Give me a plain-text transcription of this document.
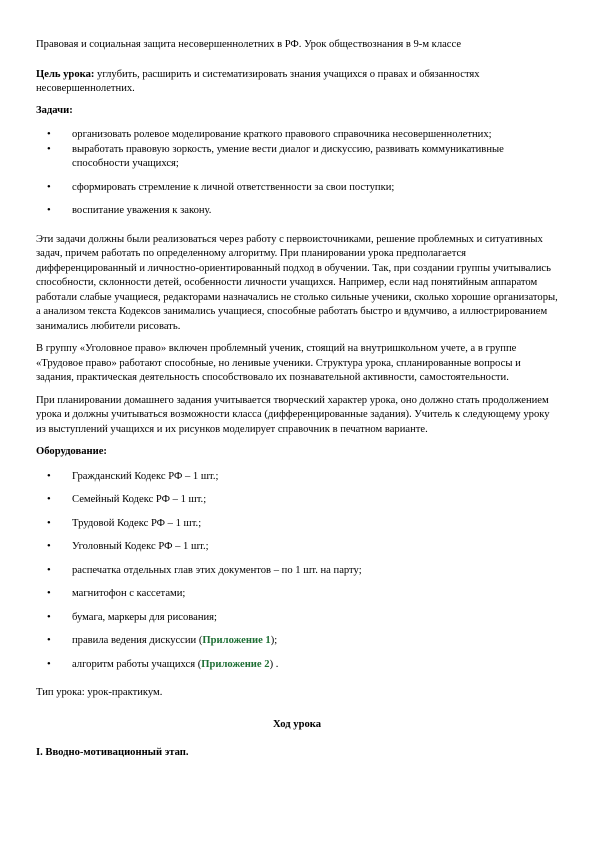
Правовая и социальная защита несовершеннолетних в РФ. Урок обществознания в 9-м классе

Цель урока: углубить, расширить и систематизировать знания учащихся о правах и обязанностях несовершеннолетних.

Задачи:

• организовать ролевое моделирование краткого правового справочника несовершеннолетних;
• выработать правовую зоркость, умение вести диалог и дискуссию, развивать коммуникативные способности учащихся;
• сформировать стремление к личной ответственности за свои поступки;
• воспитание уважения к закону.

Эти задачи должны были реализоваться через работу с первоисточниками, решение проблемных и ситуативных задач, причем работать по определенному алгоритму. При планировании урока предполагается дифференцированный и личностно-ориентированный подход в обучении. Так, при создании группы учитывались способности, склонности детей, особенности личности учащихся. Например, если над понятийным аппаратом работали слабые учащиеся, редакторами назначались не столько сильные ученики, сколько хорошие организаторы, а анализом текста Кодексов занимались учащиеся, способные работать быстро и вдумчиво, а иллюстрированием занимались любители рисовать.

В группу «Уголовное право» включен проблемный ученик, стоящий на внутришкольном учете, а в группе «Трудовое право» работают способные, но ленивые ученики. Структура урока, спланированные вопросы и задания, практическая деятельность способствовало их познавательной активности, самостоятельности.

При планировании домашнего задания учитывается творческий характер урока, оно должно стать продолжением урока и должны учитываться возможности класса (дифференцированные задания). Учитель к следующему уроку из выступлений учащихся и их рисунков моделирует справочник в печатном варианте.

Оборудование:

• Гражданский Кодекс РФ – 1 шт.;
• Семейный Кодекс РФ – 1 шт.;
• Трудовой Кодекс РФ – 1 шт.;
• Уголовный Кодекс РФ – 1 шт.;
• распечатка отдельных глав этих документов – по 1 шт. на парту;
• магнитофон с кассетами;
• бумага, маркеры для рисования;
• правила ведения дискуссии (Приложение 1);
• алгоритм работы учащихся (Приложение 2) .

Тип урока: урок-практикум.

Ход урока

I. Вводно-мотивационный этап.
